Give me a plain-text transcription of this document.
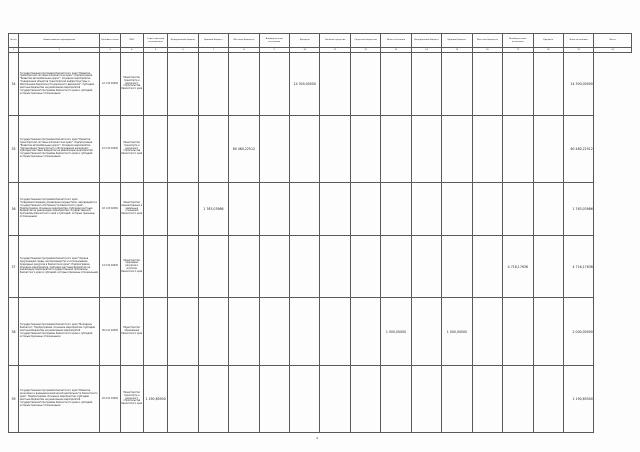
№ п/п	Наименование мероприятий	Целевая статья	ГРБС	Ответственный исполнитель	Федеральный бюджет	Краевой бюджет	Местные бюджеты	Внебюджетные источники	Кредиты	Заёмные средства	Средства бюджетов	Иные источники	Федеральный бюджет	Краевой бюджет	Местные бюджеты	Внебюджетные источники	Кредиты	Иные источники	Всего
1	2	3	4	5	6	7	8	9	10	11	12	13	14	15	16	17	18	19	20
34	Государственная программа Камчатского края "Развитие транспортной системы в Камчатском крае". Подпрограмма "Развитие автомобильных дорог". Основное мероприятие "Содержание объектов транспортной инфраструктуры и обеспечение безопасности дорожного движения". Субсидии местным бюджетам на реализацию мероприятий государственной программы Камчатского края и субсидий, которые признаны отложенными	12 1 02 40030	Министерство транспорта и дорожного строительства Камчатского края						14 300,00000									14 300,00000	
35	Государственная программа Камчатского края "Развитие транспортной системы в Камчатском крае". Подпрограмма "Развитие автомобильных дорог". Основное мероприятие "Организация транспортного обслуживания населения". Субсидии местным бюджетам на реализацию мероприятий государственной программы Камчатского края и субсидий, которые признаны отложенными	12 2 03 40030	Министерство транспорта и дорожного строительства Камчатского края				60 480,22512											60 480,22512	
36	Государственная программа Камчатского края "Совершенствование управления имуществом, находящимся в государственной собственности Камчатского края". Подпрограмма. Основное мероприятие. Субсидии местным бюджетам на реализацию мероприятий государственной программы Камчатского края и субсидий, которые признаны отложенными	22 1 03 40030	Министерство имущественных и земельных отношений Камчатского края			1 763,03986												1 763,03986	
37	Государственная программа Камчатского края "Охрана окружающей среды, воспроизводство и использование природных ресурсов в Камчатском крае". Подпрограмма. Основное мероприятие. Субсидии местным бюджетам на реализацию мероприятий государственной программы Камчатского края и субсидий, которые признаны отложенными	14 3 02 40030	Министерство природных ресурсов и экологии Камчатского края													4 716,17638		4 716,17638	
38	Государственная программа Камчатского края "Молодежь Камчатки". Подпрограмма. Основное мероприятие. Субсидии местным бюджетам на реализацию мероприятий государственной программы Камчатского края и субсидий, которые признаны отложенными	36 2 01 40030	Министерство образования Камчатского края									1 000,00000		1 000,00000				2 000,00000	
39	Государственная программа Камчатского края "Развитие экономики и внешнеэкономической деятельности Камчатского края". Подпрограмма. Основное мероприятие. Субсидии местным бюджетам на реализацию мероприятий государственной программы Камчатского края и субсидий, которые признаны отложенными	16 4 01 40030	Министерство транспорта и дорожного строительства Камчатского края	1 190,65500														1 190,65500	
4
